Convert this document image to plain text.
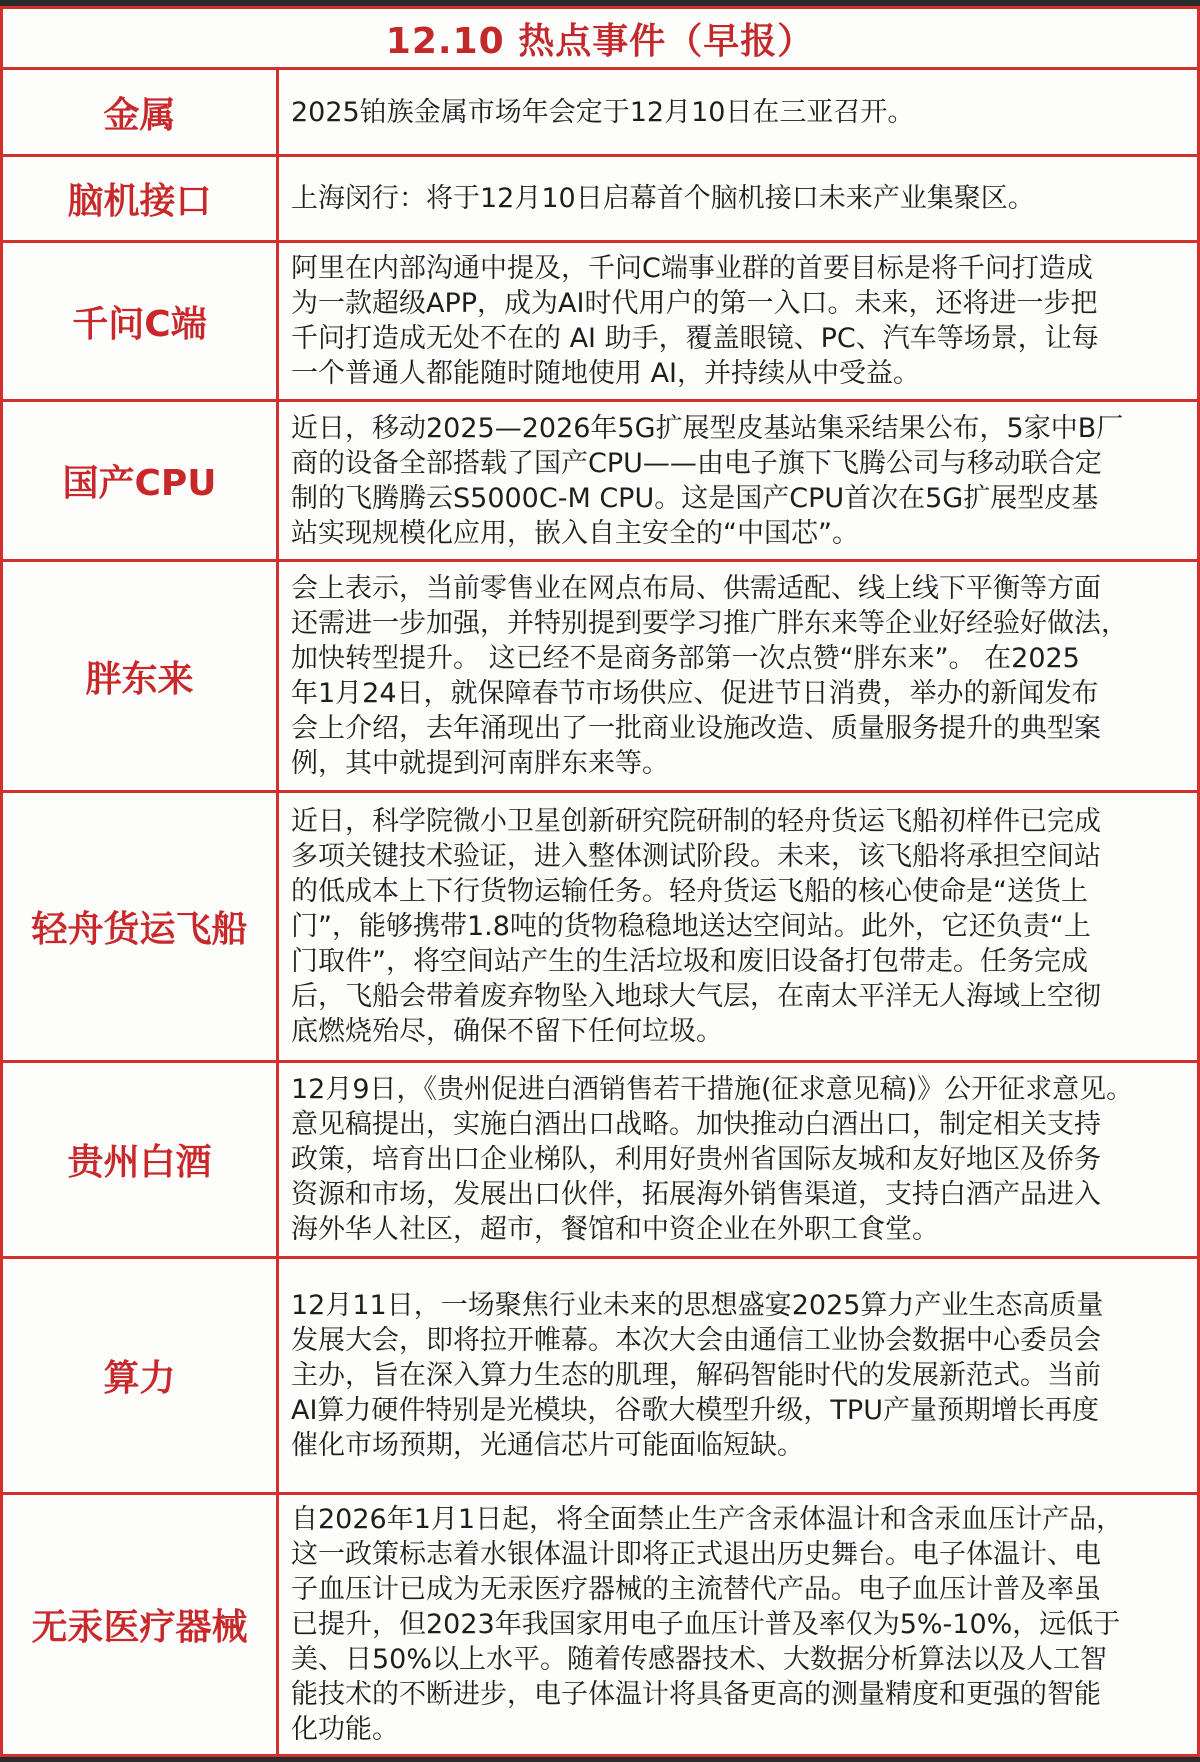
12.10 热点事件（早报）
金属	2025铂族金属市场年会定于12月10日在三亚召开。
脑机接口	上海闵行：将于12月10日启幕首个脑机接口未来产业集聚区。
千问C端
阿里在内部沟通中提及，千问C端事业群的首要目标是将千问打造成
为一款超级APP，成为AI时代用户的第一入口。未来，还将进一步把
千问打造成无处不在的 AI 助手，覆盖眼镜、PC、汽车等场景，让每
一个普通人都能随时随地使用 AI，并持续从中受益。
国产CPU
近日，移动2025—2026年5G扩展型皮基站集采结果公布，5家中B厂
商的设备全部搭载了国产CPU——由电子旗下飞腾公司与移动联合定
制的飞腾腾云S5000C-M CPU。这是国产CPU首次在5G扩展型皮基
站实现规模化应用，嵌入自主安全的“中国芯”。
胖东来
会上表示，当前零售业在网点布局、供需适配、线上线下平衡等方面
还需进一步加强，并特别提到要学习推广胖东来等企业好经验好做法，
加快转型提升。 这已经不是商务部第一次点赞“胖东来”。 在2025
年1月24日，就保障春节市场供应、促进节日消费，举办的新闻发布
会上介绍，去年涌现出了一批商业设施改造、质量服务提升的典型案
例，其中就提到河南胖东来等。
轻舟货运飞船
近日，科学院微小卫星创新研究院研制的轻舟货运飞船初样件已完成
多项关键技术验证，进入整体测试阶段。未来，该飞船将承担空间站
的低成本上下行货物运输任务。轻舟货运飞船的核心使命是“送货上
门”，能够携带1.8吨的货物稳稳地送达空间站。此外，它还负责“上
门取件”，将空间站产生的生活垃圾和废旧设备打包带走。任务完成
后，飞船会带着废弃物坠入地球大气层，在南太平洋无人海域上空彻
底燃烧殆尽，确保不留下任何垃圾。
贵州白酒
12月9日，《贵州促进白酒销售若干措施(征求意见稿)》公开征求意见。
意见稿提出，实施白酒出口战略。加快推动白酒出口，制定相关支持
政策，培育出口企业梯队，利用好贵州省国际友城和友好地区及侨务
资源和市场，发展出口伙伴，拓展海外销售渠道，支持白酒产品进入
海外华人社区，超市，餐馆和中资企业在外职工食堂。
算力
12月11日，一场聚焦行业未来的思想盛宴2025算力产业生态高质量
发展大会，即将拉开帷幕。本次大会由通信工业协会数据中心委员会
主办，旨在深入算力生态的肌理，解码智能时代的发展新范式。当前
AI算力硬件特别是光模块，谷歌大模型升级，TPU产量预期增长再度
催化市场预期，光通信芯片可能面临短缺。
无汞医疗器械
自2026年1月1日起，将全面禁止生产含汞体温计和含汞血压计产品，
这一政策标志着水银体温计即将正式退出历史舞台。电子体温计、电
子血压计已成为无汞医疗器械的主流替代产品。电子血压计普及率虽
已提升，但2023年我国家用电子血压计普及率仅为5%-10%，远低于
美、日50%以上水平。随着传感器技术、大数据分析算法以及人工智
能技术的不断进步，电子体温计将具备更高的测量精度和更强的智能
化功能。
